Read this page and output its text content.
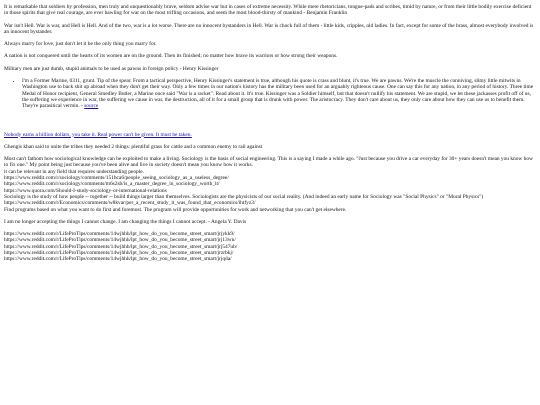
It is remarkable that soldiers by profession, men truly and unquestionably brave, seldom advise war but in cases of extreme necessity. While mere rhetoricians, tongue-pads and scribes, timid by nature, or from their little bodily exercise deficient in those spirits that give real courage, are ever bawling for war on the most trifling occasions, and seem the most blood-thirsty of mankind - Benjamin Franklin

War isn't Hell. War is war, and Hell is Hell. And of the two, war is a lot worse. There are no innocent bystanders in Hell. War is chock full of them - little kids, cripples, old ladies. In fact, except for some of the brass, almost everybody involved is an innocent bystander.

Always marry for love, just don't let it be the only thing you marry for.

A nation is not conquered until the hearts of its women are on the ground. Then its finished; no matter how brave its warriors or how strong their weapons.

Military men are just dumb, stupid animals to be used as pawns in foreign policy - Henry Kissinger

• I'm a Former Marine, 0311, grunt. Tip of the spear. From a tactical perspective, Henry Kissinger's statement is true, although his quote is crass and blunt, it's true. We are pawns. We're the muscle the conniving, slimy little mitwits in Washington use to back shit up abroad when they don't get their way. Only a few times in our nation's history has the military been used for an arguably righteous cause. One can say this for any nation, in any period of history. Three time Medal of Honor recipient, General Smedley Butler, a Marine once said "War is a racket". Read about it. It's true. Kissinger was a Soldier himself, but that doesn't nullify his statement. We are stupid, we let these jackasses profit off of us, the suffering we experience in war, the suffering we cause in war, the destruction, all of it for a small group that is drunk with power. The aristocracy. They don't care about us, they only care about how they can use us to benefit them. They're parasitical vermin. - source

Nobody earns a billion dollars, you take it. Real power can't be given. It must be taken.

Ghengis khan said to unite the tribes they needed 2 things: plentiful grass for cattle and a common enemy to rail against

Most can't fathom how sociological knowledge can be exploited to make a living. Sociology is the basis of social engineering. This is a saying I made a while ago. "Just because you drive a car everyday for 30+ years doesn't mean you know how to fix one." My point being just because you've been alive and live in society doesn't mean you know how it works.

it can be relevant in any field that requires understanding people.

https://www.reddit.com/r/sociology/comments/151hca6/people_seeing_sociology_as_a_useless_degree/

https://www.reddit.com/r/sociology/comments/m6s2sb/is_a_master_degree_in_sociology_worth_it/

https://www.quora.com/Should-I-study-sociology-or-international-relations

Sociology is the study of how people -- together -- build things larger than themselves. Sociologists are the physicists of our social reality. (And indeed an early name for Sociology was "Social Physics" or "Moral Physics")

https://www.reddit.com/r/Economics/comments/w8kvar/per_a_recent_study_it_was_found_that_economics/ihtfyz3/

Find programs based on what you want to do first and foremost. The program will provide opportunities for work and networking that you can't get elsewhere.

I am no longer accepting the things I cannot change. I am changing the things I cannot accept. - Angela Y. Davis

https://www.reddit.com/r/LifeProTips/comments/14wjhhh/lpt_how_do_you_become_street_smart/jrjykk9/

https://www.reddit.com/r/LifeProTips/comments/14wjhhh/lpt_how_do_you_become_street_smart/jrj13wn/

https://www.reddit.com/r/LifeProTips/comments/14wjhhh/lpt_how_do_you_become_street_smart/jrj547ub/

https://www.reddit.com/r/LifeProTips/comments/14wjhhh/lpt_how_do_you_become_street_smart/jrzrbkj/

https://www.reddit.com/r/LifeProTips/comments/14wjhhh/lpt_how_do_you_become_street_smart/jrjqda/
